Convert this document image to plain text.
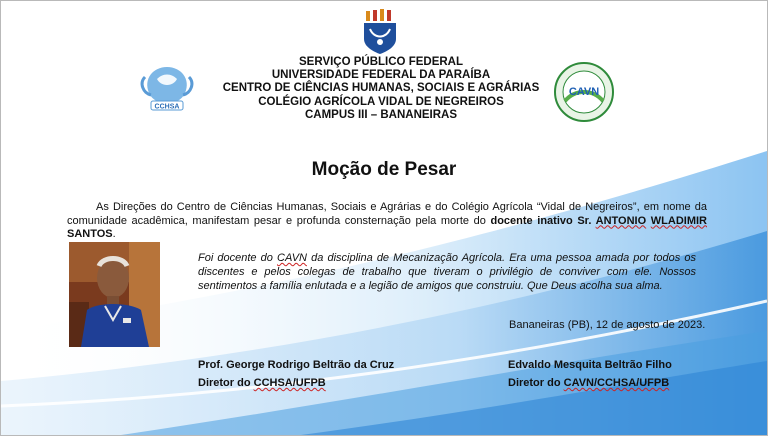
CCHSA
CAVN
SERVIÇO PÚBLICO FEDERAL
UNIVERSIDADE FEDERAL DA PARAÍBA
CENTRO DE CIÊNCIAS HUMANAS, SOCIAIS E AGRÁRIAS
COLÉGIO AGRÍCOLA VIDAL DE NEGREIROS
CAMPUS III – BANANEIRAS
Moção de Pesar
As Direções do Centro de Ciências Humanas, Sociais e Agrárias e do Colégio Agrícola “Vidal de Negreiros”, em nome da comunidade acadêmica, manifestam pesar e profunda consternação pela morte do docente inativo Sr. ANTONIO WLADIMIR SANTOS.
Foi docente do CAVN da disciplina de Mecanização Agrícola. Era uma pessoa amada por todos os discentes e pelos colegas de trabalho que tiveram o privilégio de conviver com ele. Nossos sentimentos a família enlutada e a legião de amigos que construiu. Que Deus acolha sua alma.
Bananeiras (PB), 12 de agosto de 2023.
Prof. George Rodrigo Beltrão da Cruz
Diretor do CCHSA/UFPB
Edvaldo Mesquita Beltrão Filho
Diretor do CAVN/CCHSA/UFPB
